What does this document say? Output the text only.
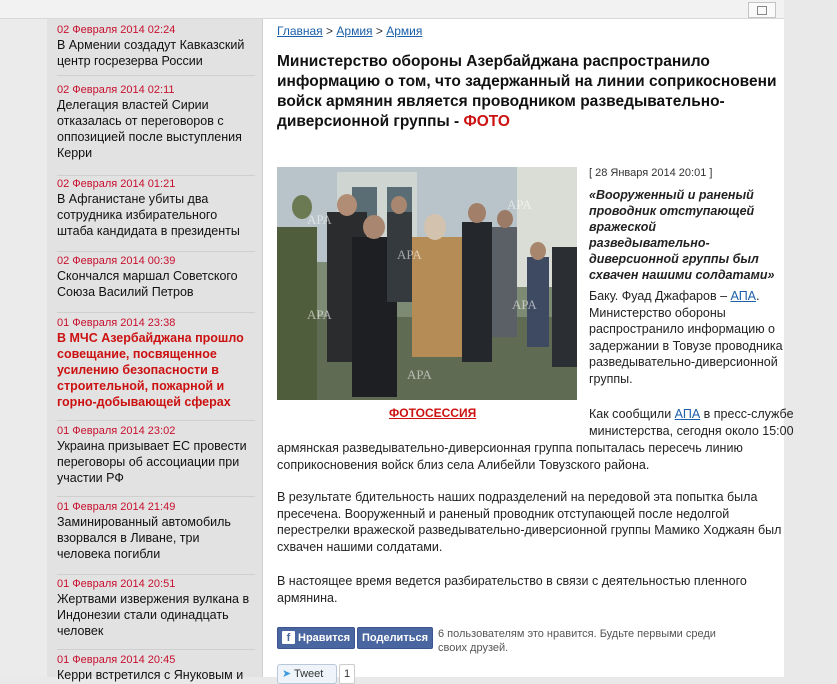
02 Февраля 2014 02:24
В Армении создадут Кавказский центр госрезерва России
02 Февраля 2014 02:11
Делегация властей Сирии отказалась от переговоров с оппозицией после выступления Керри
02 Февраля 2014 01:21
В Афганистане убиты два сотрудника избирательного штаба кандидата в президенты
02 Февраля 2014 00:39
Скончался маршал Советского Союза Василий Петров
01 Февраля 2014 23:38
В МЧС Азербайджана прошло совещание, посвященное усилению безопасности в строительной, пожарной и горно-добывающей сферах
01 Февраля 2014 23:02
Украина призывает ЕС провести переговоры об ассоциации при участии РФ
01 Февраля 2014 21:49
Заминированный автомобиль взорвался в Ливане, три человека погибли
01 Февраля 2014 20:51
Жертвами извержения вулкана в Индонезии стали одинадцать человек
01 Февраля 2014 20:45
Керри встретился с Януковым и
Главная > Армия > Армия
Министерство обороны Азербайджана распространило
информацию о том, что задержанный на линии соприкосновени
войск армянин является проводником разведывательно-
диверсионной группы - ФОТО
APA
APA
APA
APA
APA
APA
ФОТОСЕССИЯ
[ 28 Января 2014 20:01 ]
«Вооруженный и раненый проводник отступающей вражеской разведывательно-диверсионной группы был схвачен нашими солдатами»
Баку. Фуад Джафаров – АПА. Министерство обороны распространило информацию о задержании в Товузе проводника разведывательно-диверсионной группы.
Как сообщили АПА в пресс-службе министерства, сегодня около 15:00
армянская разведывательно-диверсионная группа попыталась пересечь линию соприкосновения войск близ села Алибейли Товузского района.
В результате бдительность наших подразделений на передовой эта попытка была пресечена. Вооруженный и раненый проводник отступающей после недолгой перестрелки вражеской разведывательно-диверсионной группы Мамико Ходжаян был схвачен нашими солдатами.
В настоящее время ведется разбирательство в связи с деятельностью пленного армянина.
f Нравится	Поделиться 6 пользователям это нравится. Будьте первыми среди своих друзей.
➤ Tweet	1
